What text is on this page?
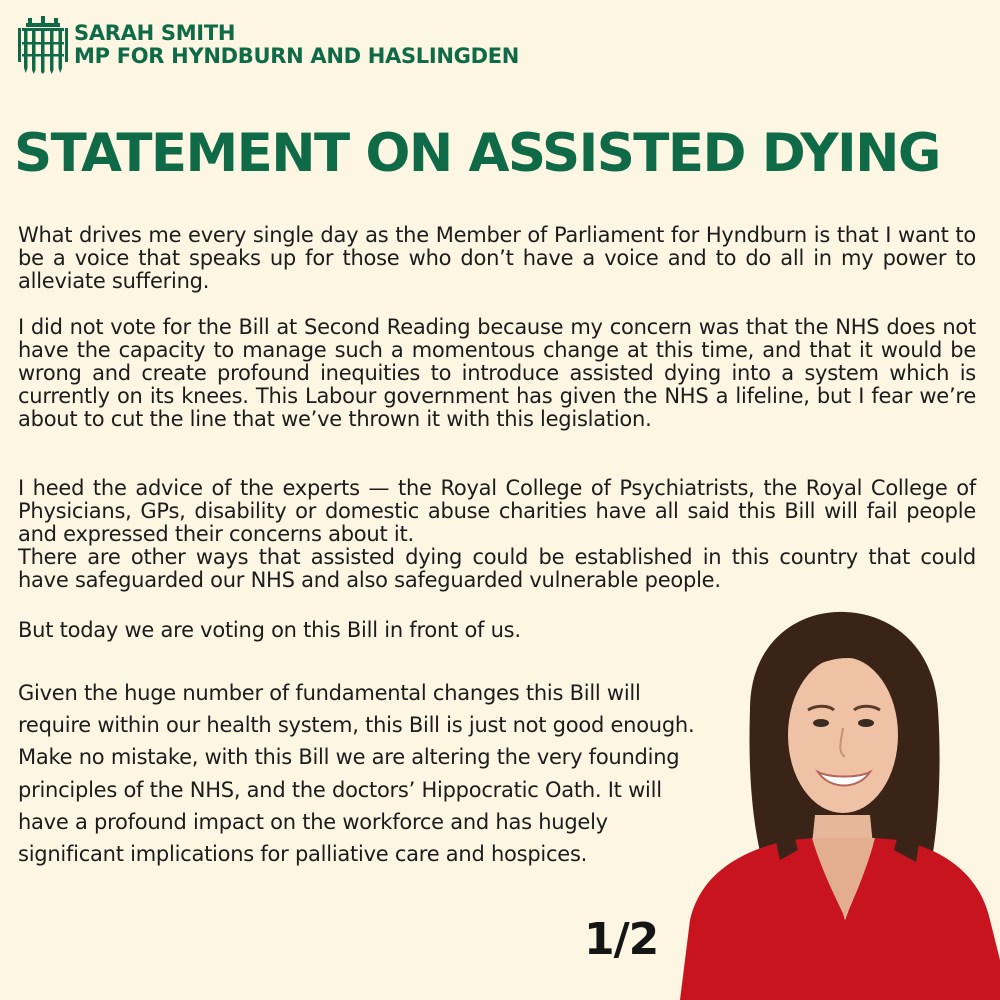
SARAH SMITH
MP FOR HYNDBURN AND HASLINGDEN
STATEMENT ON ASSISTED DYING
What drives me every single day as the Member of Parliament for Hyndburn is that I want to be a voice that speaks up for those who don’t have a voice and to do all in my power to alleviate suffering.
I did not vote for the Bill at Second Reading because my concern was that the NHS does not have the capacity to manage such a momentous change at this time, and that it would be wrong and create profound inequities to introduce assisted dying into a system which is currently on its knees. This Labour government has given the NHS a lifeline, but I fear we’re about to cut the line that we’ve thrown it with this legislation.
I heed the advice of the experts — the Royal College of Psychiatrists, the Royal College of Physicians, GPs, disability or domestic abuse charities have all said this Bill will fail people and expressed their concerns about it.
There are other ways that assisted dying could be established in this country that could have safeguarded our NHS and also safeguarded vulnerable people.
But today we are voting on this Bill in front of us.
Given the huge number of fundamental changes this Bill will require within our health system, this Bill is just not good enough. Make no mistake, with this Bill we are altering the very founding principles of the NHS, and the doctors’ Hippocratic Oath. It will have a profound impact on the workforce and has hugely significant implications for palliative care and hospices.
1/2
